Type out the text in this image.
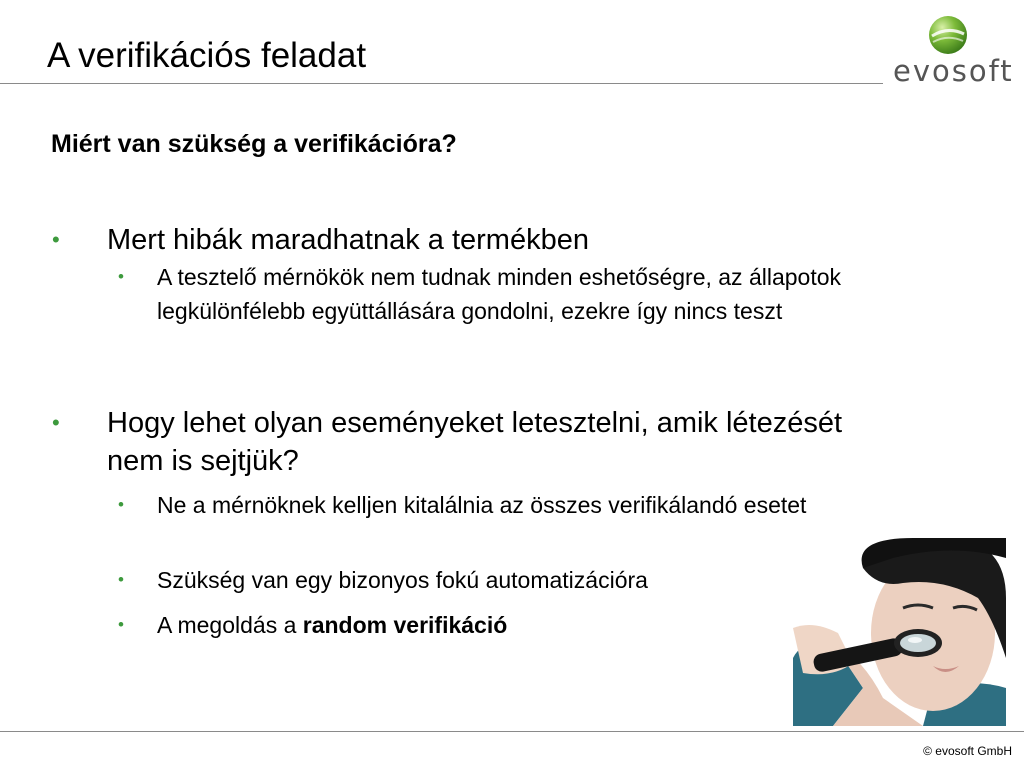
A verifikációs feladat	evosoft
Miért van szükség a verifikációra?
• Mert hibák maradhatnak a termékben
• A tesztelő mérnökök nem tudnak minden eshetőségre, az állapotok legkülönfélebb együttállására gondolni, ezekre így nincs teszt
• Hogy lehet olyan eseményeket letesztelni, amik létezését nem is sejtjük?
• Ne a mérnöknek kelljen kitalálnia az összes verifikálandó esetet
• Szükség van egy bizonyos fokú automatizációra
• A megoldás a random verifikáció
© evosoft GmbH
